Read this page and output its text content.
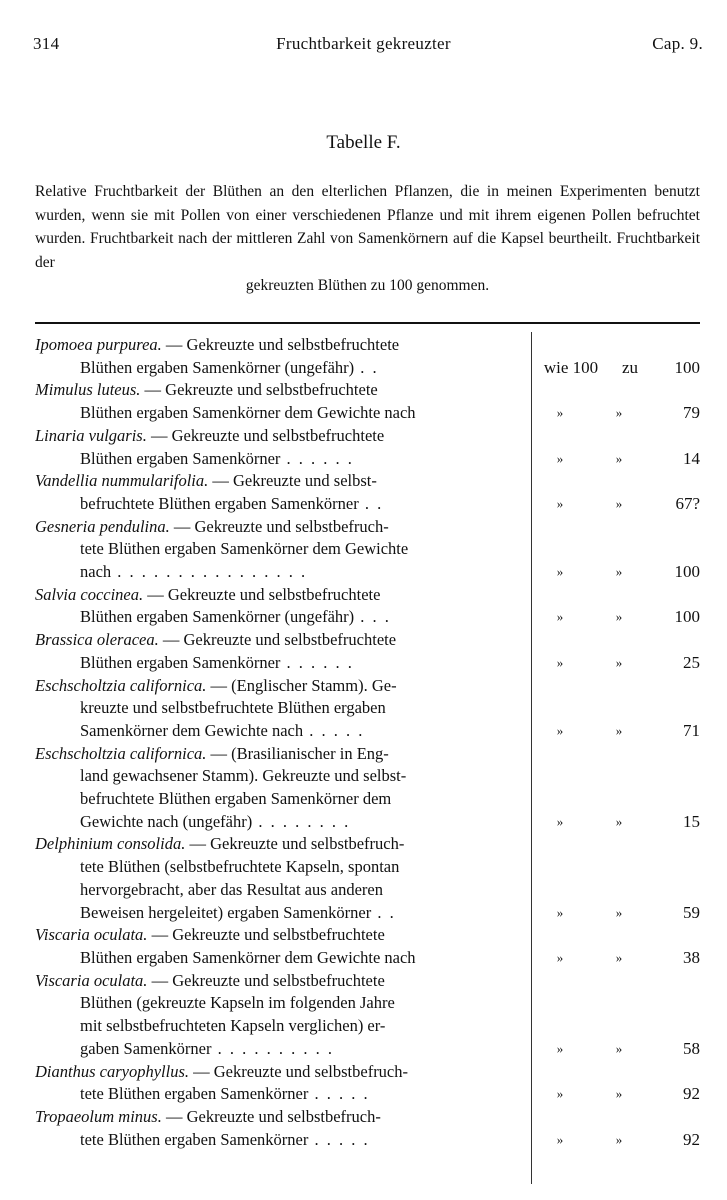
314	Fruchtbarkeit gekreuzter	Cap. 9.
Tabelle F.

Relative Fruchtbarkeit der Blüthen an den elterlichen Pflanzen, die in meinen Experimenten benutzt wurden, wenn sie mit Pollen von einer verschiedenen Pflanze und mit ihrem eigenen Pollen befruchtet wurden. Fruchtbarkeit nach der mittleren Zahl von Samenkörnern auf die Kapsel beurtheilt. Fruchtbarkeit der

gekreuzten Blüthen zu 100 genommen.

Ipomoea purpurea. — Gekreuzte und selbstbefruchtete
Blüthen ergaben Samenkörner (ungefähr) . .	wie 100	zu	100
Mimulus luteus. — Gekreuzte und selbstbefruchtete
Blüthen ergaben Samenkörner dem Gewichte nach	»	»	79
Linaria vulgaris. — Gekreuzte und selbstbefruchtete
Blüthen ergaben Samenkörner . . . . . .	»	»	14
Vandellia nummularifolia. — Gekreuzte und selbst-
befruchtete Blüthen ergaben Samenkörner . .	»	»	67?
Gesneria pendulina. — Gekreuzte und selbstbefruch-
tete Blüthen ergaben Samenkörner dem Gewichte
nach . . . . . . . . . . . . . . . .	»	»	100
Salvia coccinea. — Gekreuzte und selbstbefruchtete
Blüthen ergaben Samenkörner (ungefähr) . . .	»	»	100
Brassica oleracea. — Gekreuzte und selbstbefruchtete
Blüthen ergaben Samenkörner . . . . . .	»	»	25
Eschscholtzia californica. — (Englischer Stamm). Ge-
kreuzte und selbstbefruchtete Blüthen ergaben
Samenkörner dem Gewichte nach . . . . .	»	»	71
Eschscholtzia californica. — (Brasilianischer in Eng-
land gewachsener Stamm). Gekreuzte und selbst-
befruchtete Blüthen ergaben Samenkörner dem
Gewichte nach (ungefähr) . . . . . . . .	»	»	15
Delphinium consolida. — Gekreuzte und selbstbefruch-
tete Blüthen (selbstbefruchtete Kapseln, spontan
hervorgebracht, aber das Resultat aus anderen
Beweisen hergeleitet) ergaben Samenkörner . .	»	»	59
Viscaria oculata. — Gekreuzte und selbstbefruchtete
Blüthen ergaben Samenkörner dem Gewichte nach	»	»	38
Viscaria oculata. — Gekreuzte und selbstbefruchtete
Blüthen (gekreuzte Kapseln im folgenden Jahre
mit selbstbefruchteten Kapseln verglichen) er-
gaben Samenkörner . . . . . . . . . .	»	»	58
Dianthus caryophyllus. — Gekreuzte und selbstbefruch-
tete Blüthen ergaben Samenkörner . . . . .	»	»	92
Tropaeolum minus. — Gekreuzte und selbstbefruch-
tete Blüthen ergaben Samenkörner . . . . .	»	»	92
